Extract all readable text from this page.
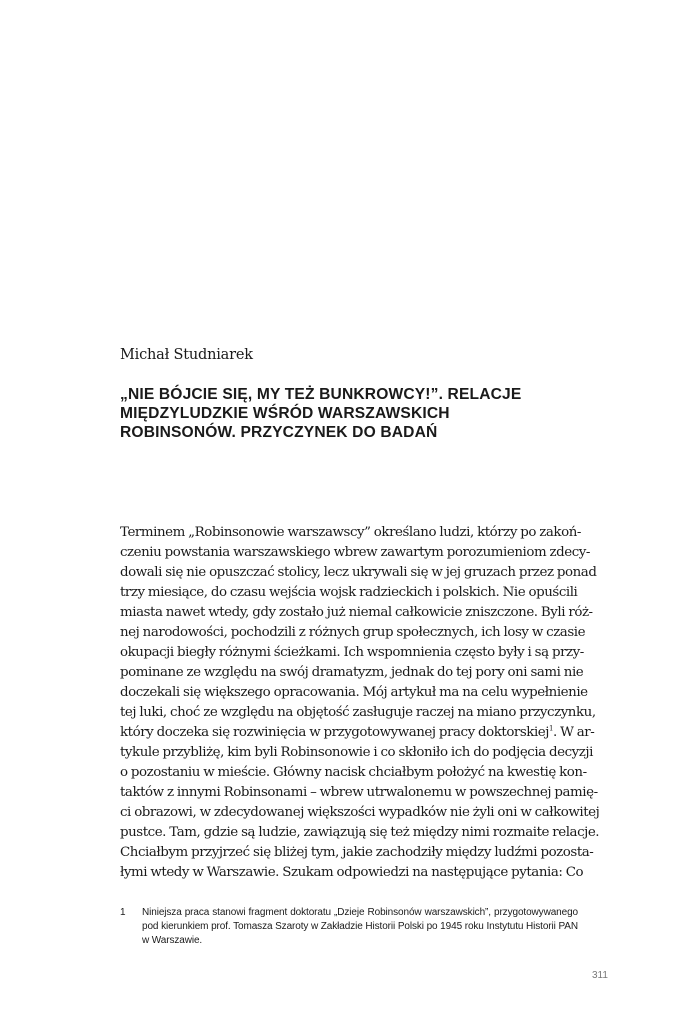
Michał Studniarek

„NIE BÓJCIE SIĘ, MY TEŻ BUNKROWCY!”. RELACJE
MIĘDZYLUDZKIE WŚRÓD WARSZAWSKICH
ROBINSONÓW. PRZYCZYNEK DO BADAŃ
Terminem „Robinsonowie warszawscy” określano ludzi, którzy po zakoń-
czeniu powstania warszawskiego wbrew zawartym porozumieniom zdecy-
dowali się nie opuszczać stolicy, lecz ukrywali się w jej gruzach przez ponad
trzy miesiące, do czasu wejścia wojsk radzieckich i polskich. Nie opuścili
miasta nawet wtedy, gdy zostało już niemal całkowicie zniszczone. Byli róż-
nej narodowości, pochodzili z różnych grup społecznych, ich losy w czasie
okupacji biegły różnymi ścieżkami. Ich wspomnienia często były i są przy-
pominane ze względu na swój dramatyzm, jednak do tej pory oni sami nie
doczekali się większego opracowania. Mój artykuł ma na celu wypełnienie
tej luki, choć ze względu na objętość zasługuje raczej na miano przyczynku,
który doczeka się rozwinięcia w przygotowywanej pracy doktorskiej$^1$. W ar-
tykule przybliżę, kim byli Robinsonowie i co skłoniło ich do podjęcia decyzji
o pozostaniu w mieście. Główny nacisk chciałbym położyć na kwestię kon-
taktów z innymi Robinsonami – wbrew utrwalonemu w powszechnej pamię-
ci obrazowi, w zdecydowanej większości wypadków nie żyli oni w całkowitej
pustce. Tam, gdzie są ludzie, zawiązują się też między nimi rozmaite relacje.
Chciałbym przyjrzeć się bliżej tym, jakie zachodziły między ludźmi pozosta-
łymi wtedy w Warszawie. Szukam odpowiedzi na następujące pytania: Co
1 Niniejsza praca stanowi fragment doktoratu „Dzieje Robinsonów warszawskich”, przygotowywanego
pod kierunkiem prof. Tomasza Szaroty w Zakładzie Historii Polski po 1945 roku Instytutu Historii PAN
w Warszawie.
311
